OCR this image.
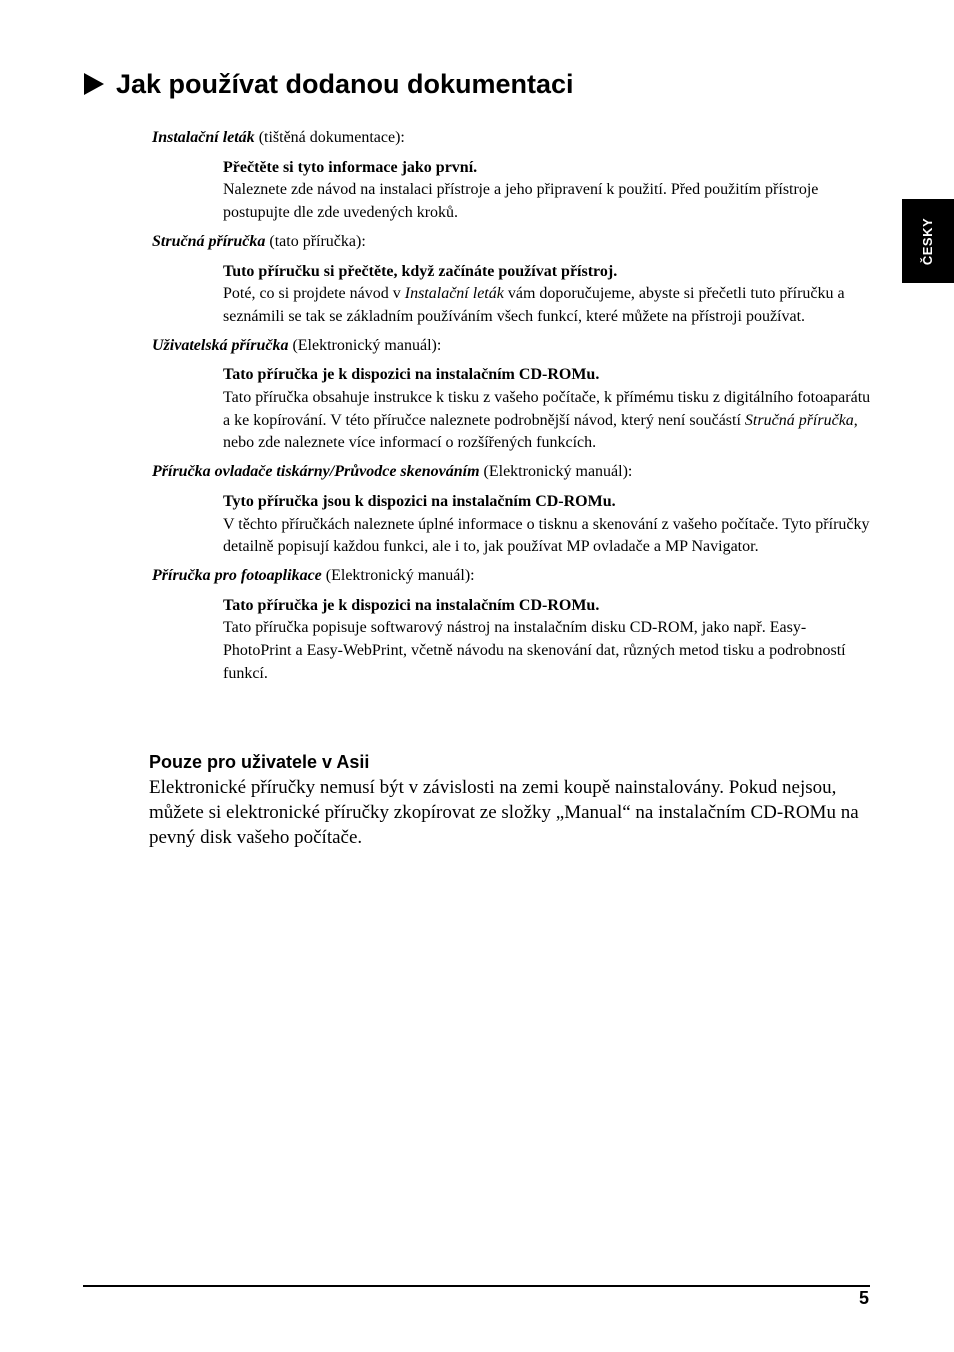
Jak používat dodanou dokumentaci
ČESKY

Instalační leták (tištěná dokumentace):

Přečtěte si tyto informace jako první.

Naleznete zde návod na instalaci přístroje a jeho připravení k použití. Před použitím přístroje postupujte dle zde uvedených kroků.

Stručná příručka (tato příručka):

Tuto příručku si přečtěte, když začínáte používat přístroj.

Poté, co si projdete návod v Instalační leták vám doporučujeme, abyste si přečetli tuto příručku a seznámili se tak se základním používáním všech funkcí, které můžete na přístroji používat.

Uživatelská příručka (Elektronický manuál):

Tato příručka je k dispozici na instalačním CD-ROMu.

Tato příručka obsahuje instrukce k tisku z vašeho počítače, k přímému tisku z digitálního fotoaparátu a ke kopírování. V této příručce naleznete podrobnější návod, který není součástí Stručná příručka, nebo zde naleznete více informací o rozšířených funkcích.

Příručka ovladače tiskárny/Průvodce skenováním (Elektronický manuál):

Tyto příručka jsou k dispozici na instalačním CD-ROMu.

V těchto příručkách naleznete úplné informace o tisknu a skenování z vašeho počítače. Tyto příručky detailně popisují každou funkci, ale i to, jak používat MP ovladače a MP Navigator.

Příručka pro fotoaplikace (Elektronický manuál):

Tato příručka je k dispozici na instalačním CD-ROMu.

Tato příručka popisuje softwarový nástroj na instalačním disku CD-ROM, jako např. Easy-PhotoPrint a Easy-WebPrint, včetně návodu na skenování dat, různých metod tisku a podrobností funkcí.

Pouze pro uživatele v Asii

Elektronické příručky nemusí být v závislosti na zemi koupě nainstalovány. Pokud nejsou, můžete si elektronické příručky zkopírovat ze složky „Manual“ na instalačním CD-ROMu na pevný disk vašeho počítače.

5
